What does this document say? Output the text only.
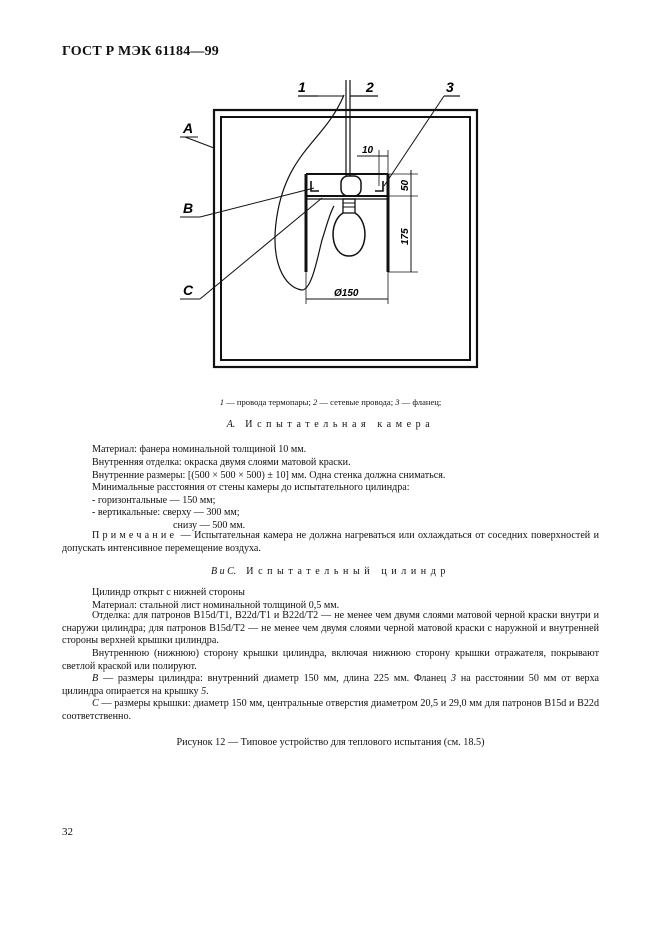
ГОСТ Р МЭК 61184—99
1	2	3
A
B
C
10
50
175
Ø150
1 — провода термопары; 2 — сетевые провода; 3 — фланец;
A. Испытательная камера
Материал: фанера номинальной толщиной 10 мм.
Внутренняя отделка: окраска двумя слоями матовой краски.
Внутренние размеры: [(500 × 500 × 500) ± 10] мм. Одна стенка должна сниматься.
Минимальные расстояния от стены камеры до испытательного цилиндра:
- горизонтальные — 150 мм;
- вертикальные: сверху — 300 мм;
снизу — 500 мм.

Примечание — Испытательная камера не должна нагреваться или охлаждаться от соседних поверхностей и допускать интенсивное перемещение воздуха.

B и C. Испытательный цилиндр
Цилиндр открыт с нижней стороны
Материал: стальной лист номинальной толщиной 0,5 мм.

Отделка: для патронов B15d/T1, B22d/T1 и B22d/T2 — не менее чем двумя слоями матовой черной краски внутри и снаружи цилиндра; для патронов B15d/T2 — не менее чем двумя слоями черной матовой краски с наружной и внутренней стороны верхней крышки цилиндра.

Внутреннюю (нижнюю) сторону крышки цилиндра, включая нижнюю сторону крышки отражателя, покрывают светлой краской или полируют.

B — размеры цилиндра: внутренний диаметр 150 мм, длина 225 мм. Фланец 3 на расстоянии 50 мм от верха цилиндра опирается на крышку 5.

C — размеры крышки: диаметр 150 мм, центральные отверстия диаметром 20,5 и 29,0 мм для патронов B15d и B22d соответственно.

Рисунок 12 — Типовое устройство для теплового испытания (см. 18.5)
32
